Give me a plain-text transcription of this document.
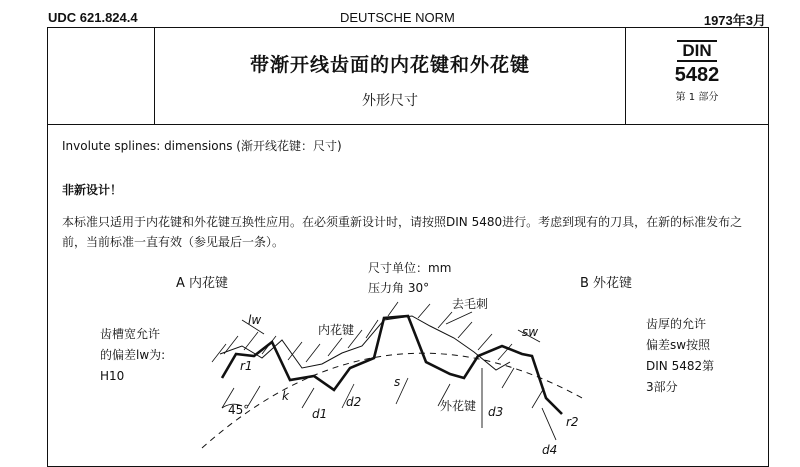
UDC 621.824.4	DEUTSCHE NORM	1973年3月
带渐开线齿面的内花键和外花键
外形尺寸
DIN
5482
第 1 部分
Involute splines: dimensions (渐开线花键：尺寸)
非新设计！
本标准只适用于内花键和外花键互换性应用。在必须重新设计时，请按照DIN 5480进行。考虑到现有的刀具，在新的标准发布之前，当前标准一直有效（参见最后一条）。
A 内花键	B 外花键
尺寸单位：mm
压力角 30°
齿槽宽允许
的偏差lw为:
H10
齿厚的允许
偏差sw按照
DIN 5482第
3部分
去毛刺
内花键
外花键
lw
sw
45°
k
d1
d2
d3
d4
s
r1
r2
